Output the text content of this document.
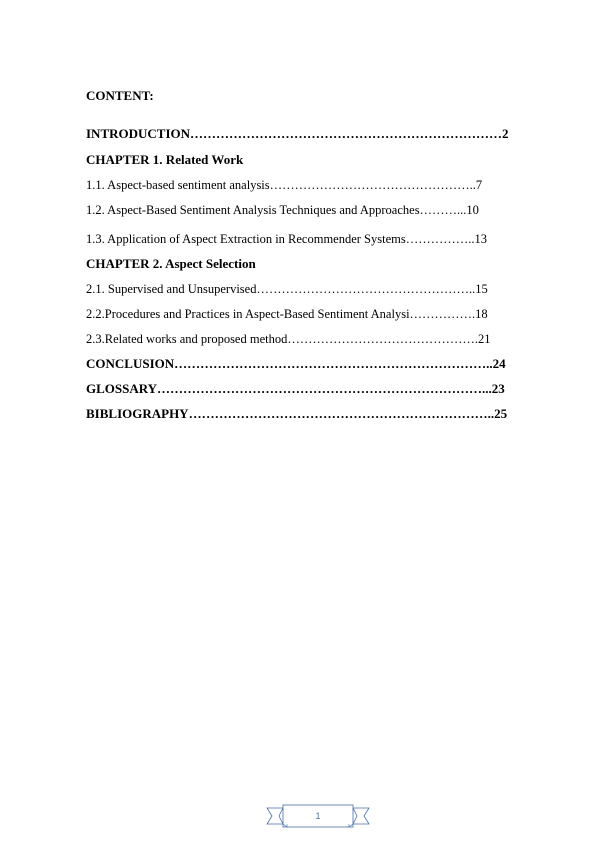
CONTENT:
INTRODUCTION………………………………………………………………2
CHAPTER 1. Related Work
1.1. Aspect-based sentiment analysis…………………………………………..7
1.2. Aspect-Based Sentiment Analysis Techniques and Approaches………...10
1.3. Application of Aspect Extraction in Recommender Systems……………..13
CHAPTER 2. Aspect Selection
2.1. Supervised and Unsupervised……………………………………………..15
2.2.Procedures and Practices in Aspect-Based Sentiment Analysi…………….18
2.3.Related works and proposed method……………………………………….21
CONCLUSION………………………………………………………………..24
GLOSSARY…………………………………………………………………...23
BIBLIOGRAPHY……………………………………………………………..25
1
